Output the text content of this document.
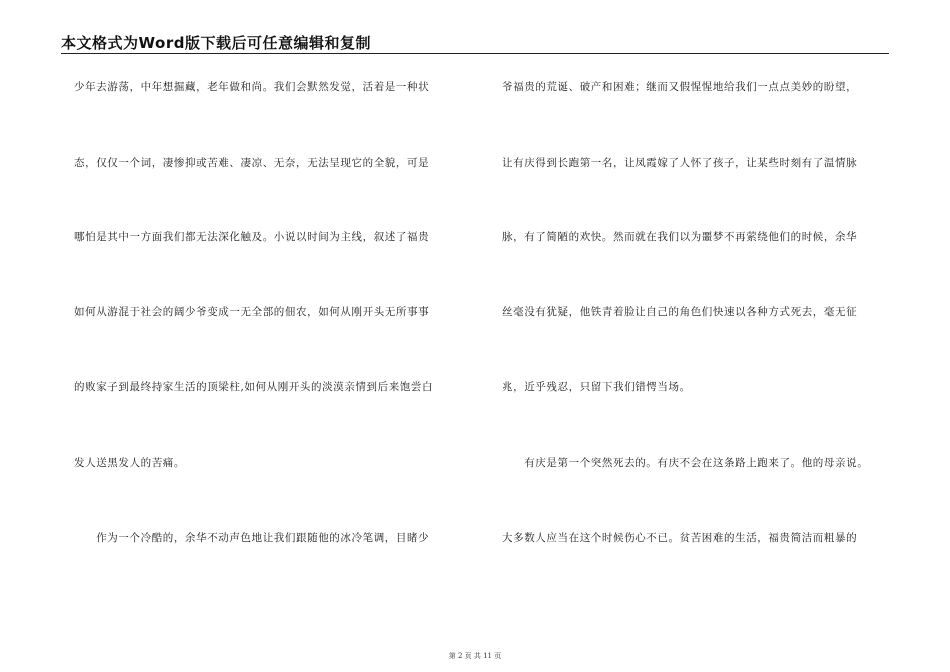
本文格式为Word版下载后可任意编辑和复制
少年去游荡，中年想掘藏，老年做和尚。我们会默然发觉，活着是一种状
态，仅仅一个词，凄惨抑或苦难、凄凉、无奈，无法呈现它的全貌，可是
哪怕是其中一方面我们都无法深化触及。小说以时间为主线，叙述了福贵
如何从游混于社会的阔少爷变成一无全部的佃农，如何从刚开头无所事事
的败家子到最终持家生活的顶梁柱,如何从刚开头的淡漠亲情到后来饱尝白
发人送黑发人的苦痛。
　　作为一个冷酷的，余华不动声色地让我们跟随他的冰冷笔调，目睹少
爷福贵的荒诞、破产和困难；继而又假惺惺地给我们一点点美妙的盼望，
让有庆得到长跑第一名，让凤霞嫁了人怀了孩子，让某些时刻有了温情脉
脉，有了简陋的欢快。然而就在我们以为噩梦不再萦绕他们的时候，余华
丝毫没有犹疑，他铁青着脸让自己的角色们快速以各种方式死去，毫无征
兆，近乎残忍，只留下我们错愕当场。
　　有庆是第一个突然死去的。有庆不会在这条路上跑来了。他的母亲说。
大多数人应当在这个时候伤心不已。贫苦困难的生活，福贵简洁而粗暴的
第 2 页 共 11 页
